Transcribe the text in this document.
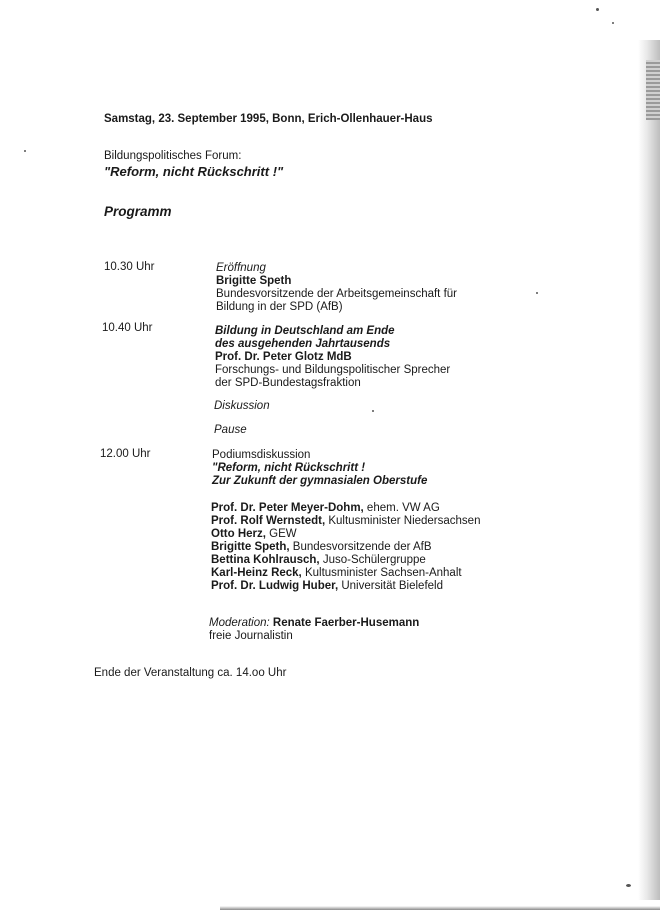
Samstag, 23. September 1995, Bonn, Erich-Ollenhauer-Haus

Bildungspolitisches Forum:

"Reform, nicht Rückschritt !"

Programm

10.30 Uhr	Eröffnung
Brigitte Speth
Bundesvorsitzende der Arbeitsgemeinschaft für
Bildung in der SPD (AfB)

10.40 Uhr	Bildung in Deutschland am Ende
des ausgehenden Jahrtausends
Prof. Dr. Peter Glotz MdB
Forschungs- und Bildungspolitischer Sprecher
der SPD-Bundestagsfraktion

Diskussion

Pause

12.00 Uhr	Podiumsdiskussion
"Reform, nicht Rückschritt !
Zur Zukunft der gymnasialen Oberstufe
Prof. Dr. Peter Meyer-Dohm, ehem. VW AG
Prof. Rolf Wernstedt, Kultusminister Niedersachsen
Otto Herz, GEW
Brigitte Speth, Bundesvorsitzende der AfB
Bettina Kohlrausch, Juso-Schülergruppe
Karl-Heinz Reck, Kultusminister Sachsen-Anhalt
Prof. Dr. Ludwig Huber, Universität Bielefeld
Moderation: Renate Faerber-Husemann
freie Journalistin

Ende der Veranstaltung ca. 14.oo Uhr
